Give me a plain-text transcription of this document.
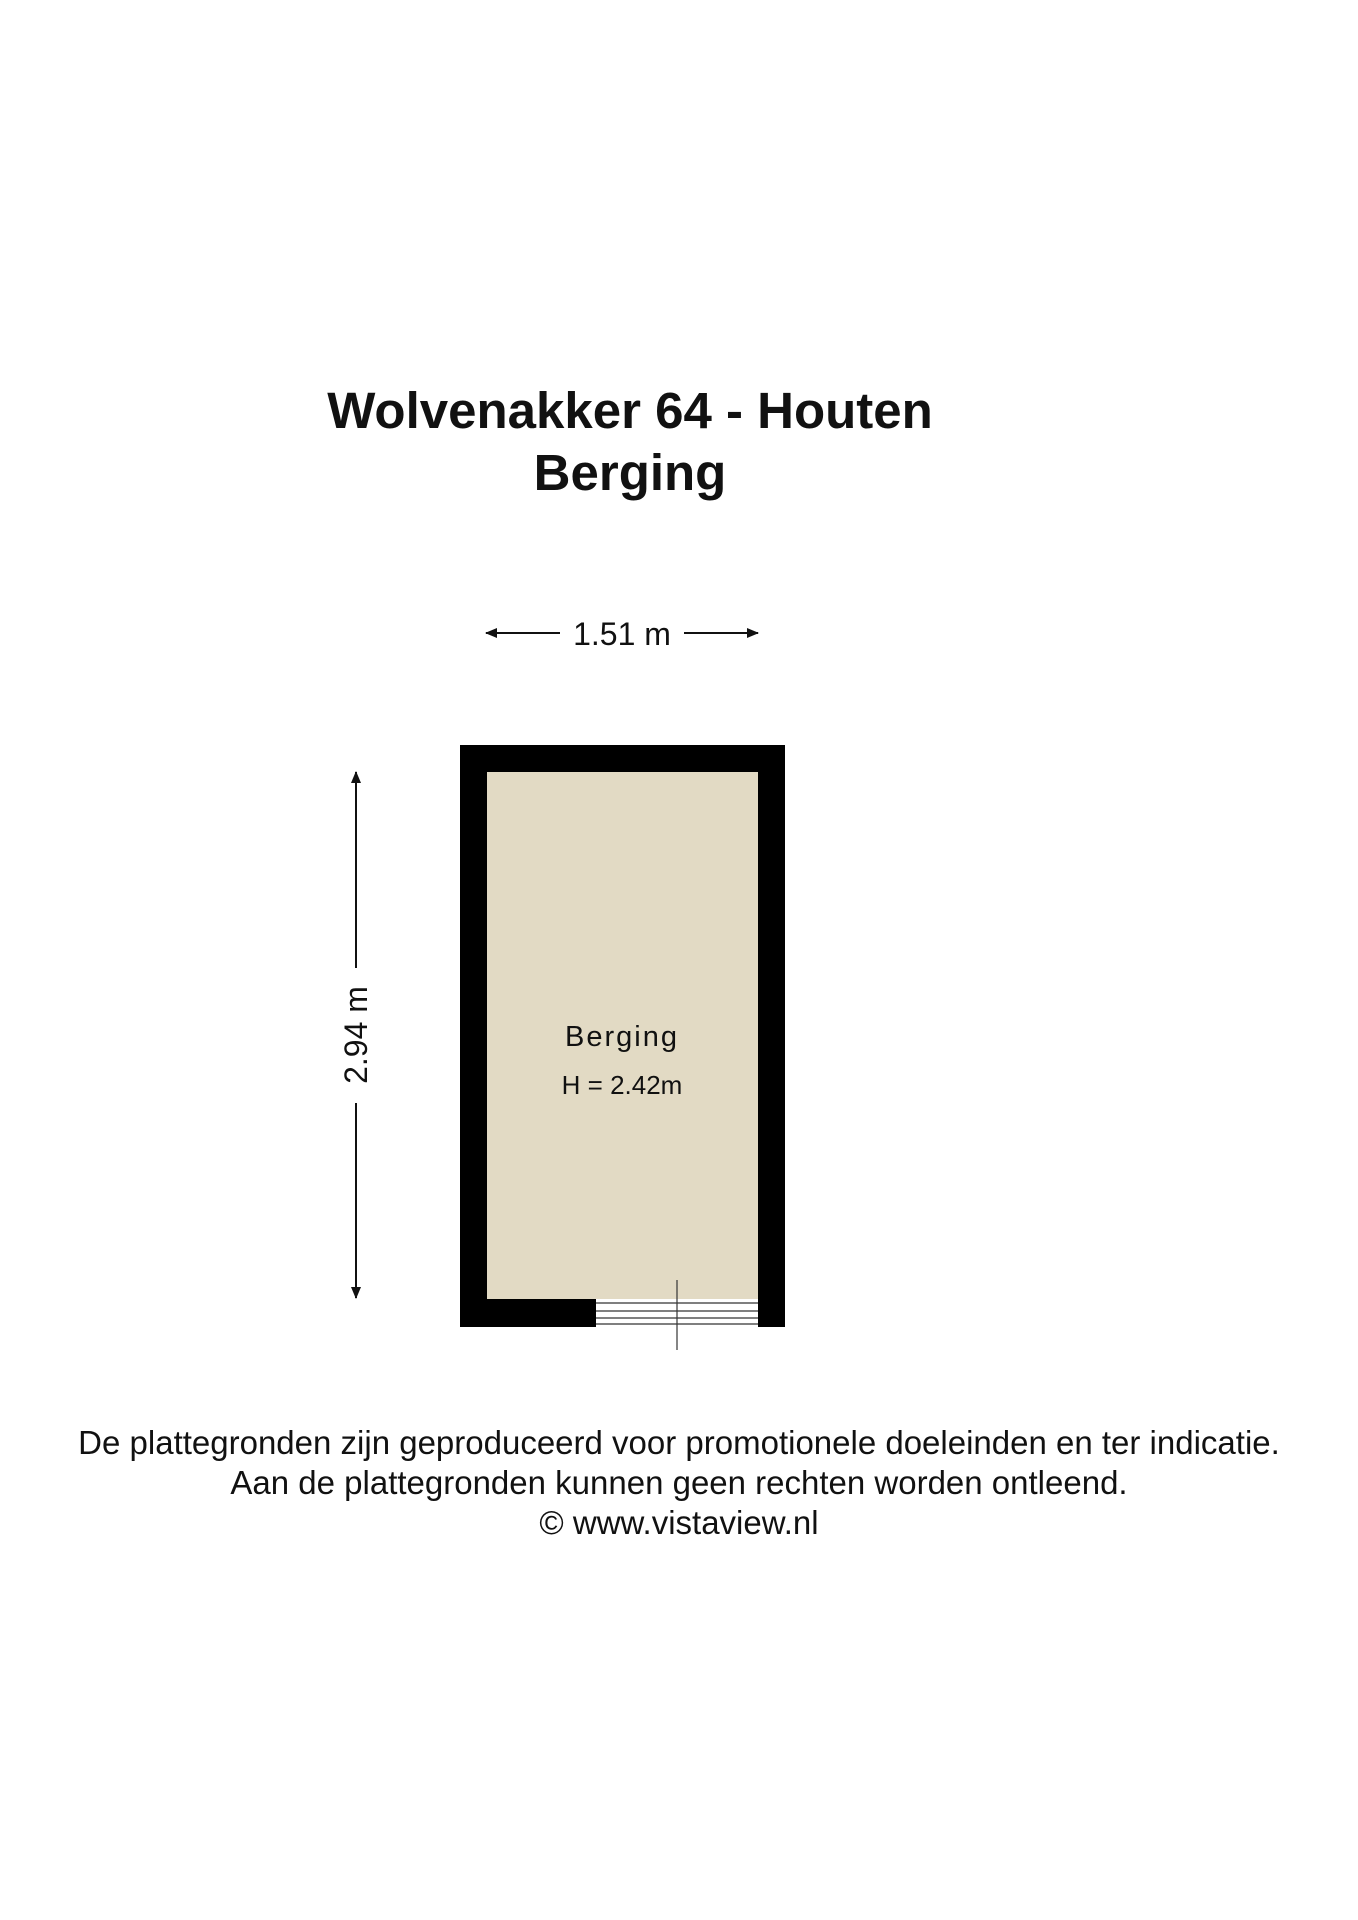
Wolvenakker 64 - Houten
Berging
1.51 m
2.94 m	Berging
H = 2.42m
De plattegronden zijn geproduceerd voor promotionele doeleinden en ter indicatie.
Aan de plattegronden kunnen geen rechten worden ontleend.
© www.vistaview.nl
